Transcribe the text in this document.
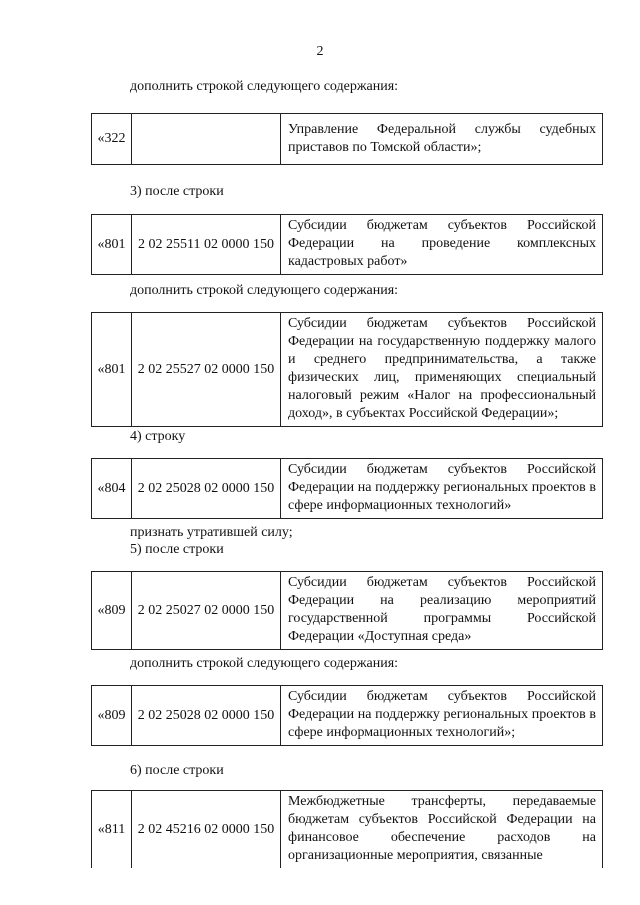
2
дополнить строкой следующего содержания:
«322		Управление Федеральной службы судебных приставов по Томской области»;
3) после строки
«801	2 02 25511 02 0000 150	Субсидии бюджетам субъектов Российской Федерации на проведение комплексных кадастровых работ»
дополнить строкой следующего содержания:
«801	2 02 25527 02 0000 150	Субсидии бюджетам субъектов Российской Федерации на государственную поддержку малого и среднего предпринимательства, а также физических лиц, применяющих специальный налоговый режим «Налог на профессиональный доход», в субъектах Российской Федерации»;
4) строку
«804	2 02 25028 02 0000 150	Субсидии бюджетам субъектов Российской Федерации на поддержку региональных проектов в сфере информационных технологий»
признать утратившей силу;
5) после строки
«809	2 02 25027 02 0000 150	Субсидии бюджетам субъектов Российской Федерации на реализацию мероприятий государственной программы Российской Федерации «Доступная среда»
дополнить строкой следующего содержания:
«809	2 02 25028 02 0000 150	Субсидии бюджетам субъектов Российской Федерации на поддержку региональных проектов в сфере информационных технологий»;
6) после строки
«811	2 02 45216 02 0000 150	Межбюджетные трансферты, передаваемые бюджетам субъектов Российской Федерации на финансовое обеспечение расходов на организационные мероприятия, связанные
